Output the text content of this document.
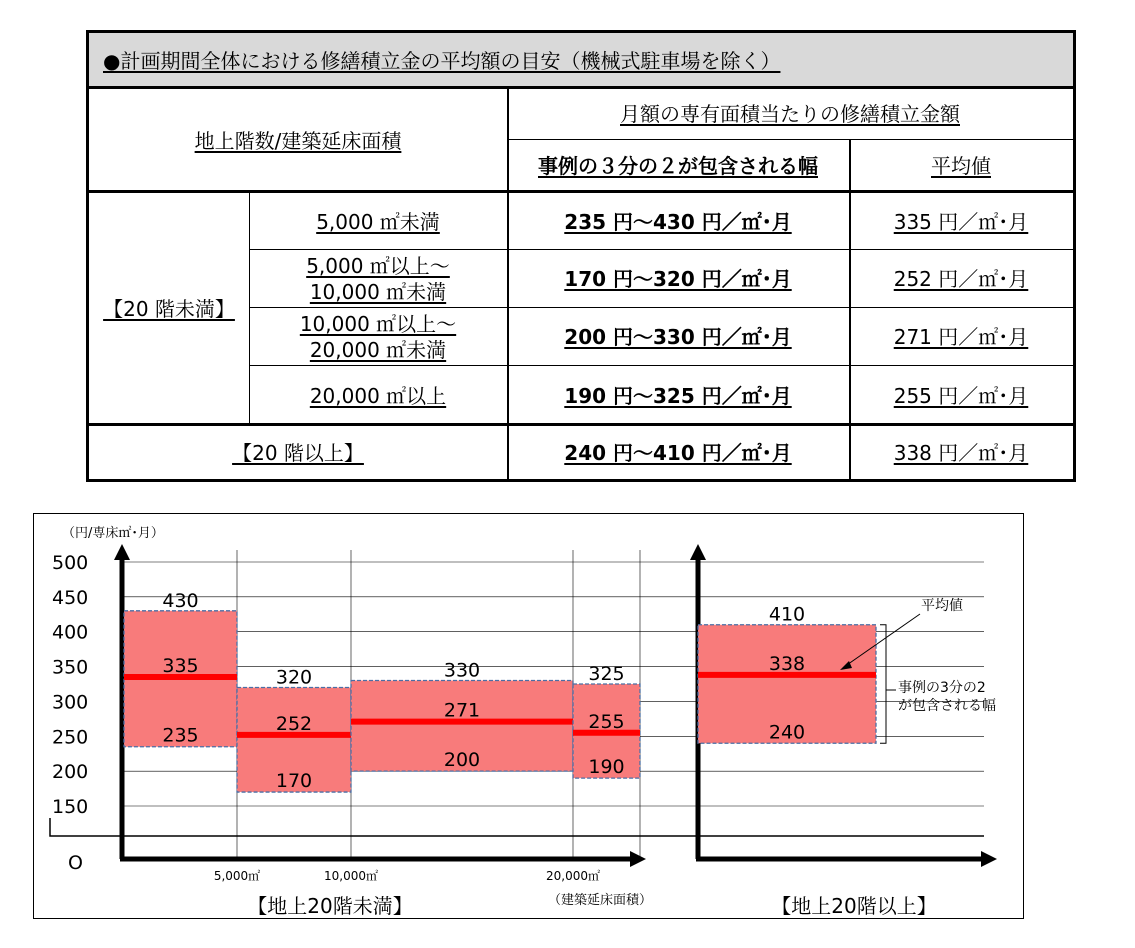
●計画期間全体における修繕積立金の平均額の目安（機械式駐車場を除く）
地上階数/建築延床面積
月額の専有面積当たりの修繕積立金額
事例の３分の２が包含される幅	平均値
【20 階未満】
5,000 ㎡未満	235 円～430 円／㎡･月	335 円／㎡･月
5,000 ㎡以上～
10,000 ㎡未満
170 円～320 円／㎡･月	252 円／㎡･月
10,000 ㎡以上～
20,000 ㎡未満
200 円～330 円／㎡･月	271 円／㎡･月
20,000 ㎡以上	190 円～325 円／㎡･月	255 円／㎡･月
【20 階以上】	240 円～410 円／㎡･月	338 円／㎡･月
（円/専床㎡･月）
500
450
400
350
300
250
200
150
O
430
335
235
320
252
170
330
271
200
325
255
190
410
338
240
5,000㎡	10,000㎡	20,000㎡
（建築延床面積）
【地上20階未満】	【地上20階以上】
平均値
事例の3分の2
が包含される幅
